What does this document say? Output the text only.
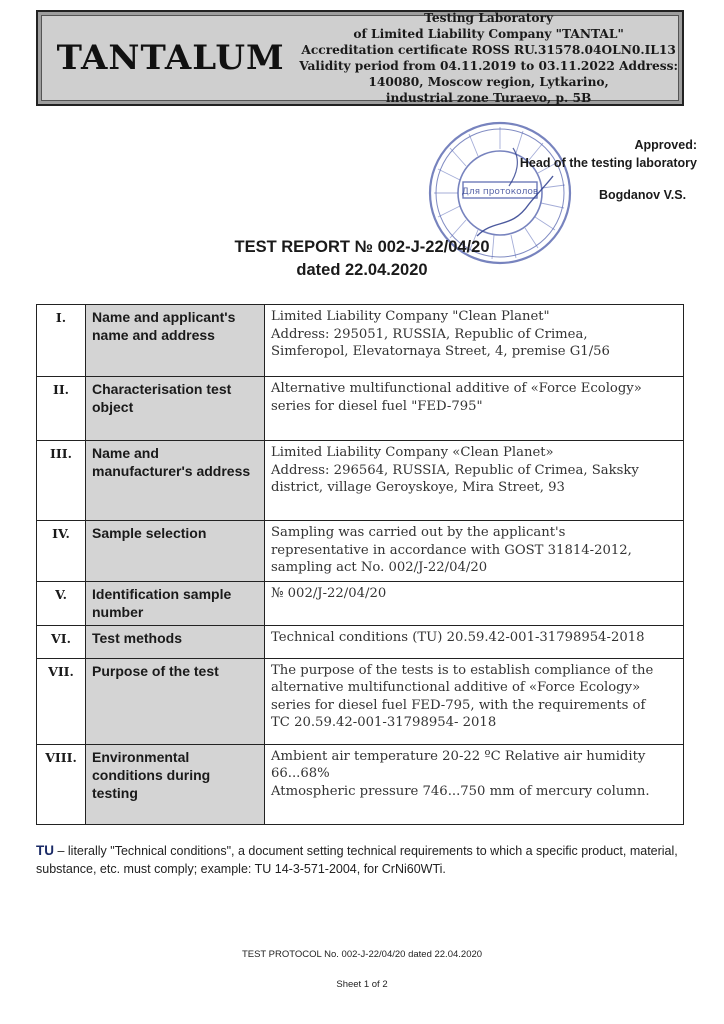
TANTALUM
Testing Laboratory
of Limited Liability Company "TANTAL"
Accreditation certificate ROSS RU.31578.04OLN0.IL13
Validity period from 04.11.2019 to 03.11.2022 Address:
140080, Moscow region, Lytkarino,
industrial zone Turaevo, p. 5B
Для протоколов
Approved:
Head of the testing laboratory
Bogdanov V.S.
TEST REPORT № 002-J-22/04/20
dated 22.04.2020
I.	Name and applicant's name and address	Limited Liability Company "Clean Planet"
Address: 295051, RUSSIA, Republic of Crimea,
Simferopol, Elevatornaya Street, 4, premise G1/56

II.	Characterisation test object	Alternative multifunctional additive of «Force Ecology»
series for diesel fuel "FED-795"

III.	Name and manufacturer's address	Limited Liability Company «Clean Planet»
Address: 296564, RUSSIA, Republic of Crimea, Saksky
district, village Geroyskoye, Mira Street, 93

IV.	Sample selection	Sampling was carried out by the applicant's
representative in accordance with GOST 31814-2012,
sampling act No. 002/J-22/04/20

V.	Identification sample number	№ 002/J-22/04/20

VI.	Test methods	Technical conditions (TU) 20.59.42-001-31798954-2018

VII.	Purpose of the test	The purpose of the tests is to establish compliance of the
alternative multifunctional additive of «Force Ecology»
series for diesel fuel FED-795, with the requirements of
TC 20.59.42-001-31798954- 2018

VIII.	Environmental conditions during testing	Ambient air temperature 20-22 ºC Relative air humidity
66...68%
Atmospheric pressure 746...750 mm of mercury column.
TU – literally "Technical conditions", a document setting technical requirements to which a specific product, material, substance, etc. must comply; example: TU 14-3-571-2004, for CrNi60WTi.
TEST PROTOCOL No. 002-J-22/04/20 dated 22.04.2020
Sheet 1 of 2
